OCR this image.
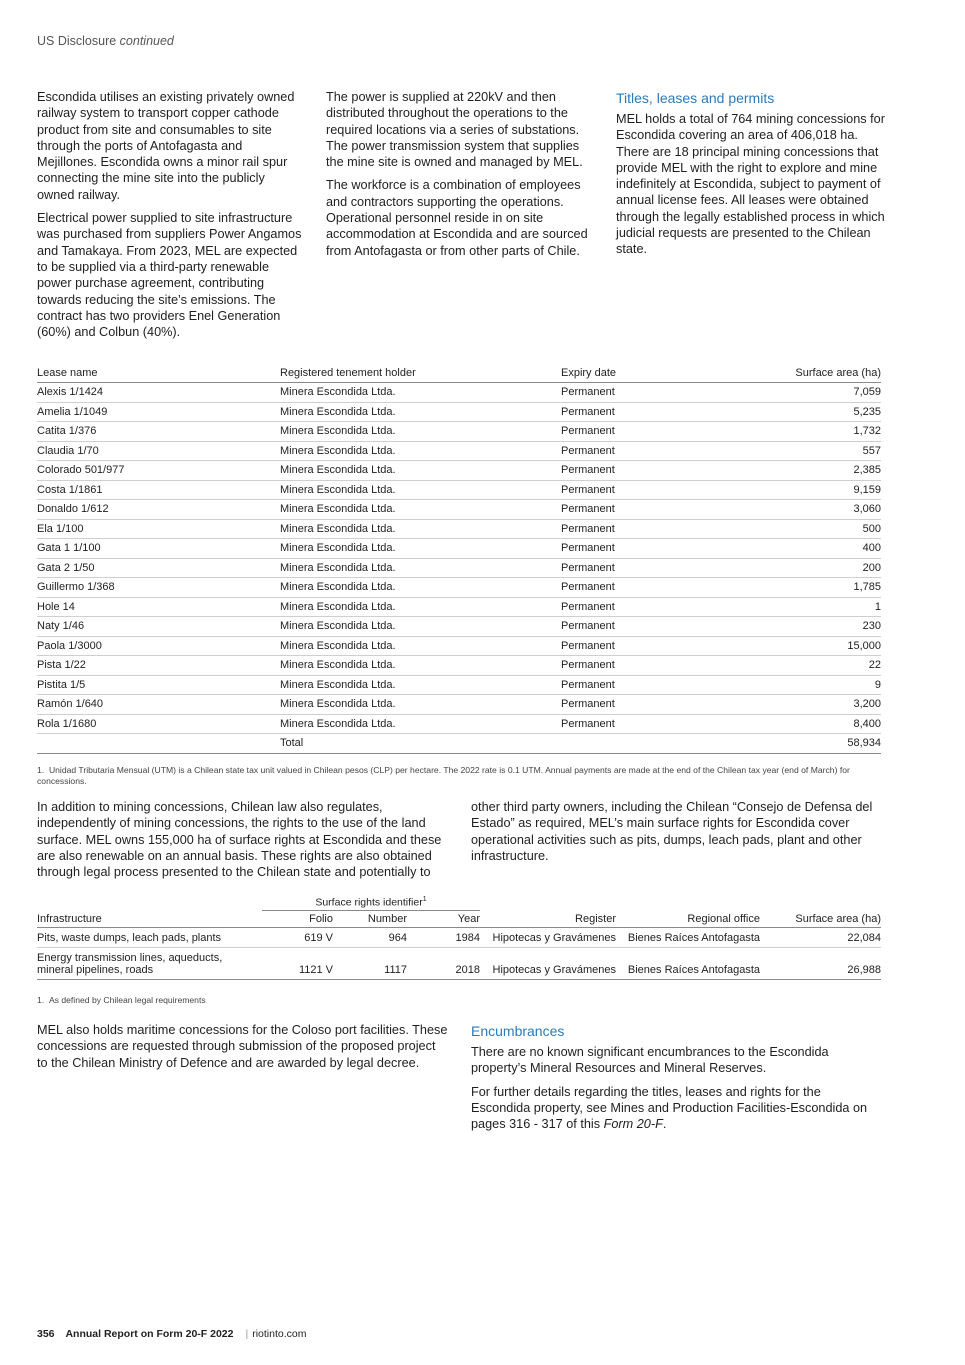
US Disclosure continued

Escondida utilises an existing privately owned railway system to transport copper cathode product from site and consumables to site through the ports of Antofagasta and Mejillones. Escondida owns a minor rail spur connecting the mine site into the publicly owned railway.

Electrical power supplied to site infrastructure was purchased from suppliers Power Angamos and Tamakaya. From 2023, MEL are expected to be supplied via a third-party renewable power purchase agreement, contributing towards reducing the site’s emissions. The contract has two providers Enel Generation (60%) and Colbun (40%).

The power is supplied at 220kV and then distributed throughout the operations to the required locations via a series of substations. The power transmission system that supplies the mine site is owned and managed by MEL.

The workforce is a combination of employees and contractors supporting the operations. Operational personnel reside in on site accommodation at Escondida and are sourced from Antofagasta or from other parts of Chile.

Titles, leases and permits

MEL holds a total of 764 mining concessions for Escondida covering an area of 406,018 ha. There are 18 principal mining concessions that provide MEL with the right to explore and mine indefinitely at Escondida, subject to payment of annual license fees. All leases were obtained through the legally established process in which judicial requests are presented to the Chilean state.

Lease name	Registered tenement holder	Expiry date	Surface area (ha)
Alexis 1/1424	Minera Escondida Ltda.	Permanent	7,059
Amelia 1/1049	Minera Escondida Ltda.	Permanent	5,235
Catita 1/376	Minera Escondida Ltda.	Permanent	1,732
Claudia 1/70	Minera Escondida Ltda.	Permanent	557
Colorado 501/977	Minera Escondida Ltda.	Permanent	2,385
Costa 1/1861	Minera Escondida Ltda.	Permanent	9,159
Donaldo 1/612	Minera Escondida Ltda.	Permanent	3,060
Ela 1/100	Minera Escondida Ltda.	Permanent	500
Gata 1 1/100	Minera Escondida Ltda.	Permanent	400
Gata 2 1/50	Minera Escondida Ltda.	Permanent	200
Guillermo 1/368	Minera Escondida Ltda.	Permanent	1,785
Hole 14	Minera Escondida Ltda.	Permanent	1
Naty 1/46	Minera Escondida Ltda.	Permanent	230
Paola 1/3000	Minera Escondida Ltda.	Permanent	15,000
Pista 1/22	Minera Escondida Ltda.	Permanent	22
Pistita 1/5	Minera Escondida Ltda.	Permanent	9
Ramón 1/640	Minera Escondida Ltda.	Permanent	3,200
Rola 1/1680	Minera Escondida Ltda.	Permanent	8,400
	Total		58,934
1.  Unidad Tributaria Mensual (UTM) is a Chilean state tax unit valued in Chilean pesos (CLP) per hectare. The 2022 rate is 0.1 UTM. Annual payments are made at the end of the Chilean tax year (end of March) for concessions.

In addition to mining concessions, Chilean law also regulates, independently of mining concessions, the rights to the use of the land surface. MEL owns 155,000 ha of surface rights at Escondida and these are also renewable on an annual basis. These rights are also obtained through legal process presented to the Chilean state and potentially to

other third party owners, including the Chilean “Consejo de Defensa del Estado” as required, MEL’s main surface rights for Escondida cover operational activities such as pits, dumps, leach pads, plant and other infrastructure.

	Surface rights identifier$^1$	
Infrastructure	Folio	Number	Year	Register	Regional office	Surface area (ha)
Pits, waste dumps, leach pads, plants	619 V	964	1984	Hipotecas y Gravámenes	Bienes Raíces Antofagasta	22,084

Energy transmission lines, aqueducts,
mineral pipelines, roads	1121 V	1117	2018	Hipotecas y Gravámenes	Bienes Raíces Antofagasta	26,988
1.  As defined by Chilean legal requirements

MEL also holds maritime concessions for the Coloso port facilities. These concessions are requested through submission of the proposed project to the Chilean Ministry of Defence and are awarded by legal decree.

Encumbrances

There are no known significant encumbrances to the Escondida property’s Mineral Resources and Mineral Reserves.

For further details regarding the titles, leases and rights for the Escondida property, see Mines and Production Facilities-Escondida on pages 316 - 317 of this Form 20-F.

356 Annual Report on Form 20-F 2022 | riotinto.com
